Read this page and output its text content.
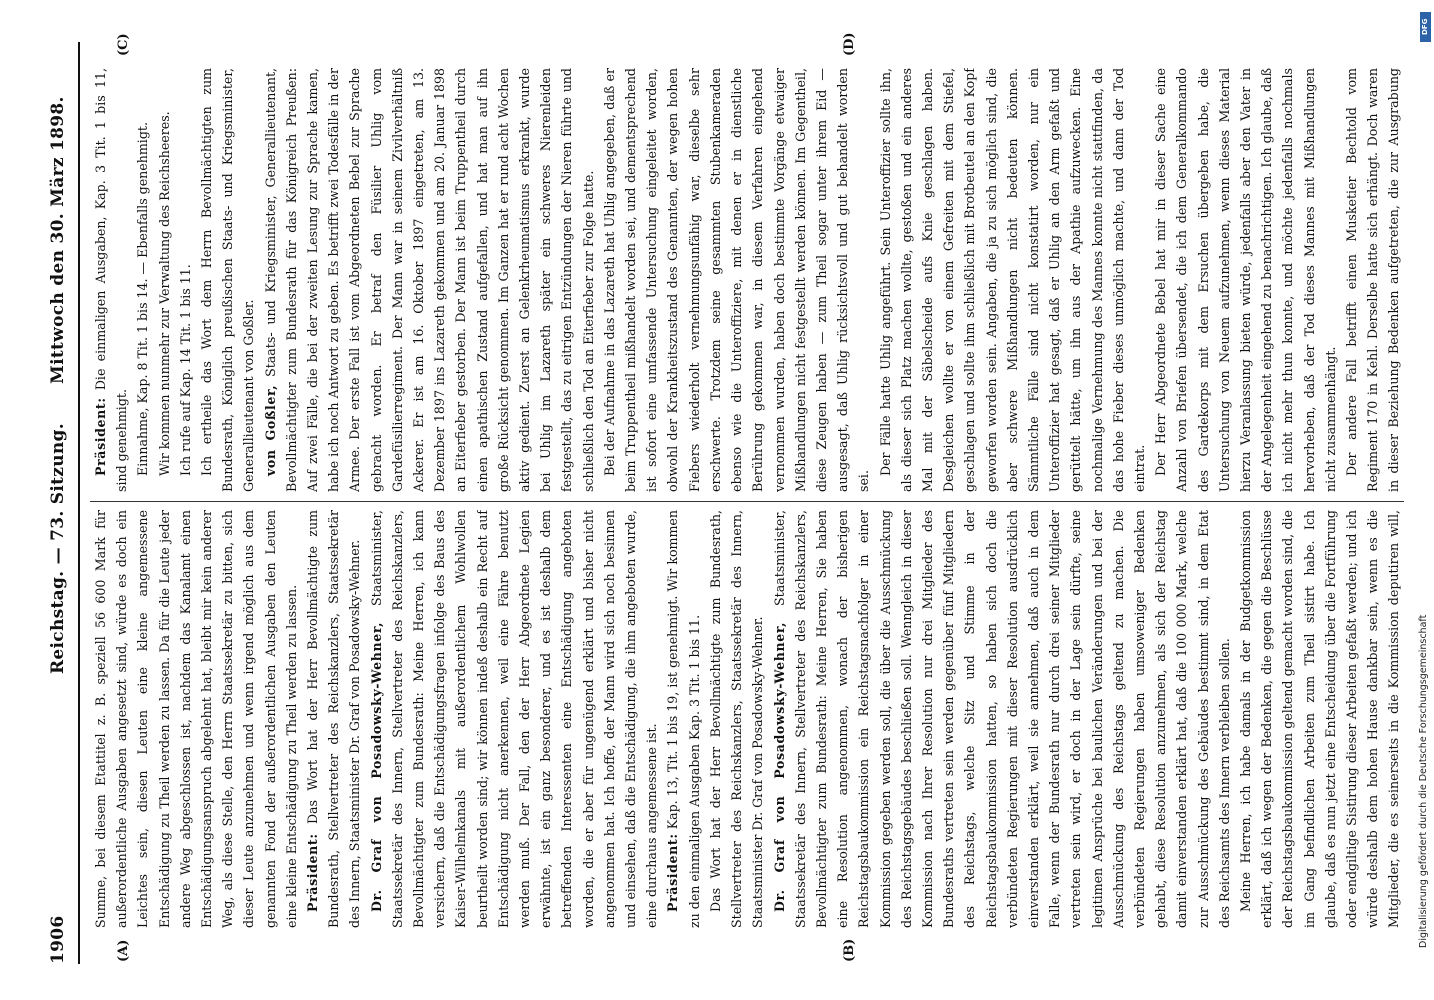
1906
Reichstag. — 73. Sitzung.
Mittwoch den 30. März 1898.
(A)	(B)
(C)	(D)

Summe, bei diesem Etattitel z. B. speziell 56 600 Mark für außerordentliche Ausgaben angesetzt sind, würde es doch ein Leichtes sein, diesen Leuten eine kleine angemessene Entschädigung zu Theil werden zu lassen. Da für die Leute jeder andere Weg abgeschlossen ist, nachdem das Kanalamt einen Entschädigungsanspruch abgelehnt hat, bleibt mir kein anderer Weg, als diese Stelle, den Herrn Staatssekretär zu bitten, sich dieser Leute anzunehmen und wenn irgend möglich aus dem genannten Fond der außerordentlichen Ausgaben den Leuten eine kleine Entschädigung zu Theil werden zu lassen. Präsident: Das Wort hat der Herr Bevollmächtigte zum Bundesrath, Stellvertreter des Reichskanzlers, Staatssekretär des Innern, Staatsminister Dr. Graf von Posadowsky-Wehner. Dr. Graf von Posadowsky-Wehner, Staatsminister, Staatssekretär des Innern, Stellvertreter des Reichskanzlers, Bevollmächtigter zum Bundesrath: Meine Herren, ich kann versichern, daß die Entschädigungsfragen infolge des Baus des Kaiser-Wilhelmkanals mit außerordentlichem Wohlwollen beurtheilt worden sind; wir können indeß deshalb ein Recht auf Entschädigung nicht anerkennen, weil eine Fähre benutzt werden muß. Der Fall, den der Herr Abgeordnete Legien erwähnte, ist ein ganz besonderer, und es ist deshalb dem betreffenden Interessenten eine Entschädigung angeboten worden, die er aber für ungenügend erklärt und bisher nicht angenommen hat. Ich hoffe, der Mann wird sich noch besinnen und einsehen, daß die Entschädigung, die ihm angeboten wurde, eine durchaus angemessene ist. Präsident: Kap. 13, Tit. 1 bis 19, ist genehmigt. Wir kommen zu den einmaligen Ausgaben Kap. 3 Tit. 1 bis 11. Das Wort hat der Herr Bevollmächtigte zum Bundesrath, Stellvertreter des Reichskanzlers, Staatssekretär des Innern, Staatsminister Dr. Graf von Posadowsky-Wehner. Dr. Graf von Posadowsky-Wehner, Staatsminister, Staatssekretär des Innern, Stellvertreter des Reichskanzlers, Bevollmächtigter zum Bundesrath: Meine Herren, Sie haben eine Resolution angenommen, wonach der bisherigen Reichstagsbaukommission ein Reichstagsnachfolger in einer Kommission gegeben werden soll, die über die Ausschmückung des Reichstagsgebäudes beschließen soll. Wenngleich in dieser Kommission nach Ihrer Resolution nur drei Mitglieder des Bundesraths vertreten sein werden gegenüber fünf Mitgliedern des Reichstags, welche Sitz und Stimme in der Reichstagsbaukommission hatten, so haben sich doch die verbündeten Regierungen mit dieser Resolution ausdrücklich einverstanden erklärt, weil sie annehmen, daß auch in dem Falle, wenn der Bundesrath nur durch drei seiner Mitglieder vertreten sein wird, er doch in der Lage sein dürfte, seine legitimen Ansprüche bei baulichen Veränderungen und bei der Ausschmückung des Reichstags geltend zu machen. Die verbündeten Regierungen haben umsoweniger Bedenken gehabt, diese Resolution anzunehmen, als sich der Reichstag damit einverstanden erklärt hat, daß die 100 000 Mark, welche zur Ausschmückung des Gebäudes bestimmt sind, in dem Etat des Reichsamts des Innern verbleiben sollen. Meine Herren, ich habe damals in der Budgetkommission erklärt, daß ich wegen der Bedenken, die gegen die Beschlüsse der Reichstagsbaukommission geltend gemacht worden sind, die im Gang befindlichen Arbeiten zum Theil sistirt habe. Ich glaube, daß es nun jetzt eine Entscheidung über die Fortführung oder endgiltige Sistirung dieser Arbeiten gefaßt werden; und ich würde deshalb dem hohen Hause dankbar sein, wenn es die Mitglieder, die es seinerseits in die Kommission deputiren will,

Präsident: Die einmaligen Ausgaben, Kap. 3 Tit. 1 bis 11, sind genehmigt. Einnahme, Kap. 8 Tit. 1 bis 14. — Ebenfalls genehmigt. Wir kommen nunmehr zur Verwaltung des Reichsheeres. Ich rufe auf Kap. 14 Tit. 1 bis 11. Ich ertheile das Wort dem Herrn Bevollmächtigten zum Bundesrath, Königlich preußischen Staats- und Kriegsminister, Generallieutenant von Goßler. von Goßler, Staats- und Kriegsminister, Generallieutenant, Bevollmächtigter zum Bundesrath für das Königreich Preußen: Auf zwei Fälle, die bei der zweiten Lesung zur Sprache kamen, habe ich noch Antwort zu geben. Es betrifft zwei Todesfälle in der Armee. Der erste Fall ist vom Abgeordneten Bebel zur Sprache gebracht worden. Er betraf den Füsilier Uhlig vom Gardefüsilierregiment. Der Mann war in seinem Zivilverhältniß Ackerer. Er ist am 16. Oktober 1897 eingetreten, am 13. Dezember 1897 ins Lazareth gekommen und am 20. Januar 1898 an Eiterfieber gestorben. Der Mann ist beim Truppentheil durch einen apathischen Zustand aufgefallen, und hat man auf ihn große Rücksicht genommen. Im Ganzen hat er rund acht Wochen aktiv gedient. Zuerst an Gelenkrheumatismus erkrankt, wurde bei Uhlig im Lazareth später ein schweres Nierenleiden festgestellt, das zu eitrigen Entzündungen der Nieren führte und schließlich den Tod an Eiterfieber zur Folge hatte. Bei der Aufnahme in das Lazareth hat Uhlig angegeben, daß er beim Truppentheil mißhandelt worden sei, und dementsprechend ist sofort eine umfassende Untersuchung eingeleitet worden, obwohl der Krankheitszustand des Genannten, der wegen hohen Fiebers wiederholt vernehmungsunfähig war, dieselbe sehr erschwerte. Trotzdem seine gesammten Stubenkameraden ebenso wie die Unteroffiziere, mit denen er in dienstliche Berührung gekommen war, in diesem Verfahren eingehend vernommen wurden, haben doch bestimmte Vorgänge etwaiger Mißhandlungen nicht festgestellt werden können. Im Gegentheil, diese Zeugen haben — zum Theil sogar unter ihrem Eid — ausgesagt, daß Uhlig rücksichtsvoll und gut behandelt worden sei.

Der Fälle hatte Uhlig angeführt. Sein Unteroffizier sollte ihn, als dieser sich Platz machen wollte, gestoßen und ein anderes Mal mit der Säbelscheide aufs Knie geschlagen haben. Desgleichen wollte er von einem Gefreiten mit dem Stiefel, geschlagen und sollte ihm schließlich mit Brotbeutel an den Kopf geworfen worden sein. Angaben, die ja zu sich möglich sind, die aber schwere Mißhandlungen nicht bedeuten können. Sämmtliche Fälle sind nicht konstatirt worden, nur ein Unteroffizier hat gesagt, daß er Uhlig an den Arm gefaßt und gerüttelt hätte, um ihn aus der Apathie aufzuwecken. Eine nochmalige Vernehmung des Mannes konnte nicht stattfinden, da das hohe Fieber dieses unmöglich machte, und dann der Tod eintrat. Der Herr Abgeordnete Bebel hat mir in dieser Sache eine Anzahl von Briefen übersendet, die ich dem Generalkommando des Gardekorps mit dem Ersuchen übergeben habe, die Untersuchung von Neuem aufzunehmen, wenn dieses Material hierzu Veranlassung bieten würde, jedenfalls aber den Vater in der Angelegenheit eingehend zu benachrichtigen. Ich glaube, daß ich nicht mehr thun konnte, und möchte jedenfalls nochmals hervorheben, daß der Tod dieses Mannes mit Mißhandlungen nicht zusammenhängt. Der andere Fall betrifft einen Musketier Bechtold vom Regiment 170 in Kehl. Derselbe hatte sich erhängt. Doch waren in dieser Beziehung Bedenken aufgetreten, die zur Ausgrabung

DFG
Digitalisierung gefördert durch die Deutsche Forschungsgemeinschaft
